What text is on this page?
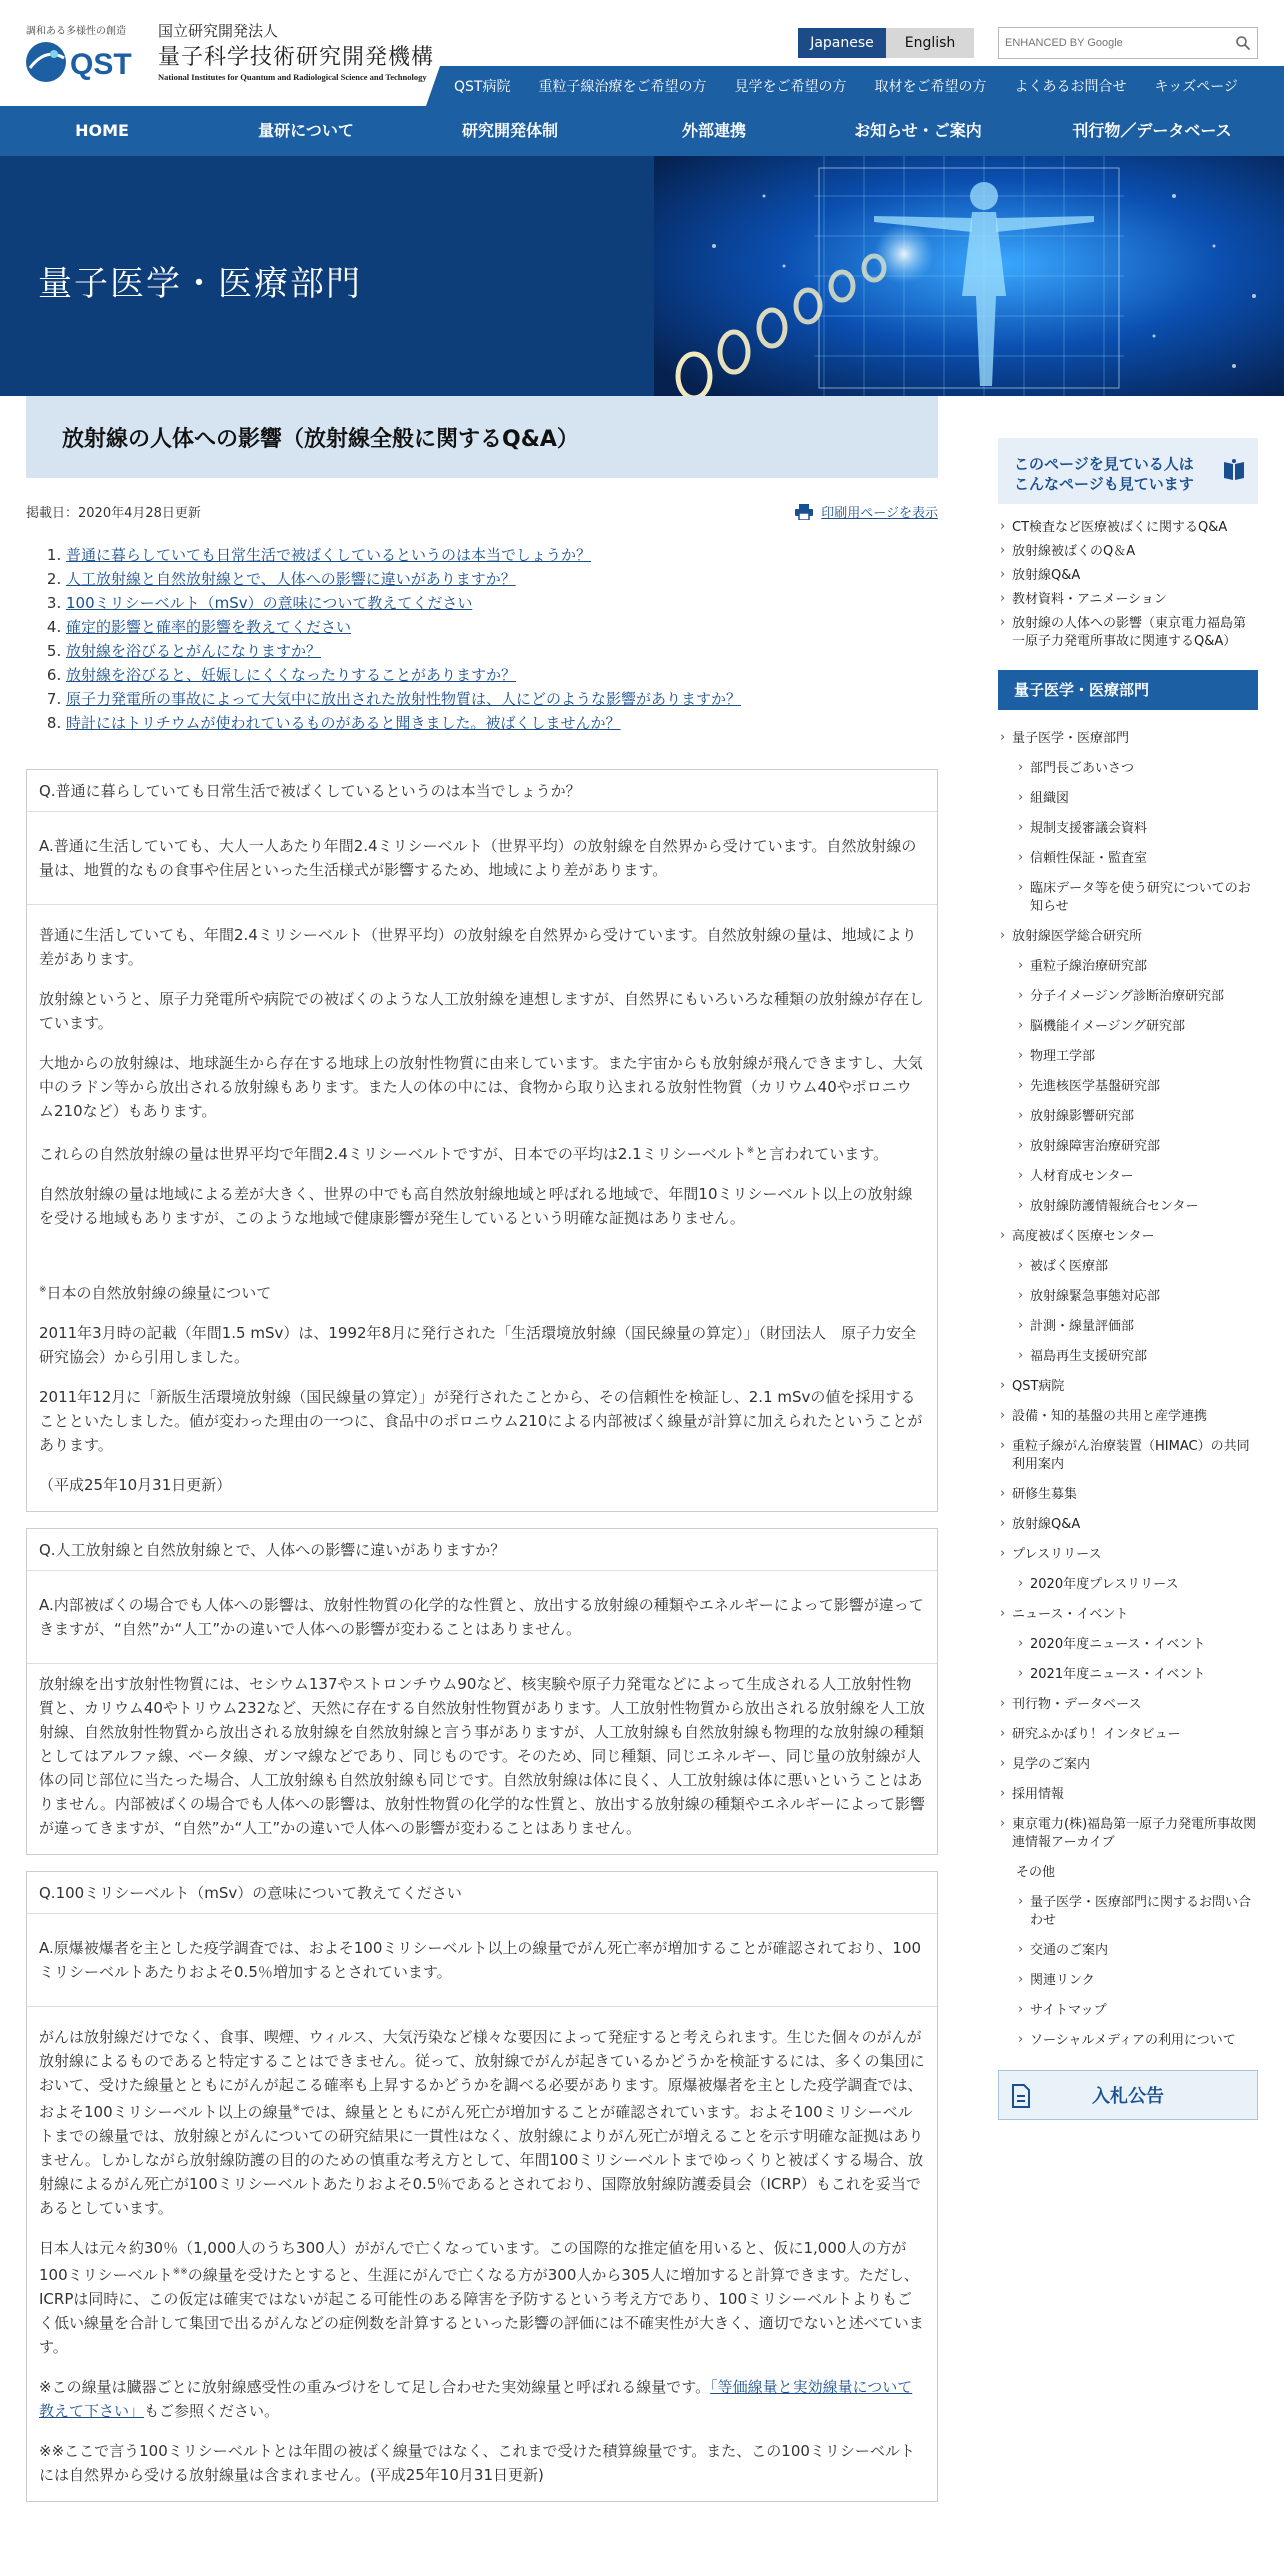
調和ある多様性の創造
QST
国立研究開発法人
量子科学技術研究開発機構
National Institutes for Quantum and Radiological Science and Technology
Japanese	English
ENHANCED BY Google
QST病院	重粒子線治療をご希望の方	見学をご希望の方	取材をご希望の方	よくあるお問合せ	キッズページ
HOME	量研について	研究開発体制	外部連携	お知らせ・ご案内	刊行物／データベース
量子医学・医療部門
放射線の人体への影響（放射線全般に関するQ&A）
掲載日：2020年4月28日更新	印刷用ページを表示
1. 普通に暮らしていても日常生活で被ばくしているというのは本当でしょうか？
2. 人工放射線と自然放射線とで、人体への影響に違いがありますか？
3. 100ミリシーベルト（mSv）の意味について教えてください
4. 確定的影響と確率的影響を教えてください
5. 放射線を浴びるとがんになりますか？
6. 放射線を浴びると、妊娠しにくくなったりすることがありますか？
7. 原子力発電所の事故によって大気中に放出された放射性物質は、人にどのような影響がありますか？
8. 時計にはトリチウムが使われているものがあると聞きました。被ばくしませんか？
Q.普通に暮らしていても日常生活で被ばくしているというのは本当でしょうか？
A.普通に生活していても、大人一人あたり年間2.4ミリシーベルト（世界平均）の放射線を自然界から受けています。自然放射線の量は、地質的なもの食事や住居といった生活様式が影響するため、地域により差があります。

普通に生活していても、年間2.4ミリシーベルト（世界平均）の放射線を自然界から受けています。自然放射線の量は、地域により差があります。

放射線というと、原子力発電所や病院での被ばくのような人工放射線を連想しますが、自然界にもいろいろな種類の放射線が存在しています。

大地からの放射線は、地球誕生から存在する地球上の放射性物質に由来しています。また宇宙からも放射線が飛んできますし、大気中のラドン等から放出される放射線もあります。また人の体の中には、食物から取り込まれる放射性物質（カリウム40やポロニウム210など）もあります。

これらの自然放射線の量は世界平均で年間2.4ミリシーベルトですが、日本での平均は2.1ミリシーベルト※と言われています。

自然放射線の量は地域による差が大きく、世界の中でも高自然放射線地域と呼ばれる地域で、年間10ミリシーベルト以上の放射線を受ける地域もありますが、このような地域で健康影響が発生しているという明確な証拠はありません。

※日本の自然放射線の線量について

2011年3月時の記載（年間1.5 mSv）は、1992年8月に発行された「生活環境放射線（国民線量の算定）」（財団法人　原子力安全研究協会）から引用しました。

2011年12月に「新版生活環境放射線（国民線量の算定）」が発行されたことから、その信頼性を検証し、2.1 mSvの値を採用することといたしました。値が変わった理由の一つに、食品中のポロニウム210による内部被ばく線量が計算に加えられたということがあります。

（平成25年10月31日更新）

Q.人工放射線と自然放射線とで、人体への影響に違いがありますか？
A.内部被ばくの場合でも人体への影響は、放射性物質の化学的な性質と、放出する放射線の種類やエネルギーによって影響が違ってきますが、“自然”か“人工”かの違いで人体への影響が変わることはありません。

放射線を出す放射性物質には、セシウム137やストロンチウム90など、核実験や原子力発電などによって生成される人工放射性物質と、カリウム40やトリウム232など、天然に存在する自然放射性物質があります。人工放射性物質から放出される放射線を人工放射線、自然放射性物質から放出される放射線を自然放射線と言う事がありますが、人工放射線も自然放射線も物理的な放射線の種類としてはアルファ線、ベータ線、ガンマ線などであり、同じものです。そのため、同じ種類、同じエネルギー、同じ量の放射線が人体の同じ部位に当たった場合、人工放射線も自然放射線も同じです。自然放射線は体に良く、人工放射線は体に悪いということはありません。内部被ばくの場合でも人体への影響は、放射性物質の化学的な性質と、放出する放射線の種類やエネルギーによって影響が違ってきますが、“自然”か“人工”かの違いで人体への影響が変わることはありません。

Q.100ミリシーベルト（mSv）の意味について教えてください
A.原爆被爆者を主とした疫学調査では、およそ100ミリシーベルト以上の線量でがん死亡率が増加することが確認されており、100ミリシーベルトあたりおよそ0.5％増加するとされています。

がんは放射線だけでなく、食事、喫煙、ウィルス、大気汚染など様々な要因によって発症すると考えられます。生じた個々のがんが放射線によるものであると特定することはできません。従って、放射線でがんが起きているかどうかを検証するには、多くの集団において、受けた線量とともにがんが起こる確率も上昇するかどうかを調べる必要があります。原爆被爆者を主とした疫学調査では、およそ100ミリシーベルト以上の線量※では、線量とともにがん死亡が増加することが確認されています。およそ100ミリシーベルトまでの線量では、放射線とがんについての研究結果に一貫性はなく、放射線によりがん死亡が増えることを示す明確な証拠はありません。しかしながら放射線防護の目的のための慎重な考え方として、年間100ミリシーベルトまでゆっくりと被ばくする場合、放射線によるがん死亡が100ミリシーベルトあたりおよそ0.5％であるとされており、国際放射線防護委員会（ICRP）もこれを妥当であるとしています。

日本人は元々約30％（1,000人のうち300人）ががんで亡くなっています。この国際的な推定値を用いると、仮に1,000人の方が100ミリシーベルト※※の線量を受けたとすると、生涯にがんで亡くなる方が300人から305人に増加すると計算できます。ただし、ICRPは同時に、この仮定は確実ではないが起こる可能性のある障害を予防するという考え方であり、100ミリシーベルトよりもごく低い線量を合計して集団で出るがんなどの症例数を計算するといった影響の評価には不確実性が大きく、適切でないと述べています。

※この線量は臓器ごとに放射線感受性の重みづけをして足し合わせた実効線量と呼ばれる線量です。「等価線量と実効線量について教えて下さい」もご参照ください。

※※ここで言う100ミリシーベルトとは年間の被ばく線量ではなく、これまで受けた積算線量です。また、この100ミリシーベルトには自然界から受ける放射線量は含まれません。(平成25年10月31日更新)

このページを見ている人は
こんなページも見ています
› CT検査など医療被ばくに関するQ&A
› 放射線被ばくのQ＆A
› 放射線Q&A
› 教材資料・アニメーション
› 放射線の人体への影響（東京電力福島第一原子力発電所事故に関連するQ&A）
量子医学・医療部門
› 量子医学・医療部門
› 部門長ごあいさつ
› 組織図
› 規制支援審議会資料
› 信頼性保証・監査室
› 臨床データ等を使う研究についてのお知らせ
› 放射線医学総合研究所
› 重粒子線治療研究部
› 分子イメージング診断治療研究部
› 脳機能イメージング研究部
› 物理工学部
› 先進核医学基盤研究部
› 放射線影響研究部
› 放射線障害治療研究部
› 人材育成センター
› 放射線防護情報統合センター
› 高度被ばく医療センター
› 被ばく医療部
› 放射線緊急事態対応部
› 計測・線量評価部
› 福島再生支援研究部
› QST病院
› 設備・知的基盤の共用と産学連携
› 重粒子線がん治療装置（HIMAC）の共同利用案内
› 研修生募集
› 放射線Q&A
› プレスリリース
› 2020年度プレスリリース
› ニュース・イベント
› 2020年度ニュース・イベント
› 2021年度ニュース・イベント
› 刊行物・データベース
› 研究ふかぼり！インタビュー
› 見学のご案内
› 採用情報
› 東京電力(株)福島第一原子力発電所事故関連情報アーカイブ
その他
› 量子医学・医療部門に関するお問い合わせ
› 交通のご案内
› 関連リンク
› サイトマップ
› ソーシャルメディアの利用について
入札公告
